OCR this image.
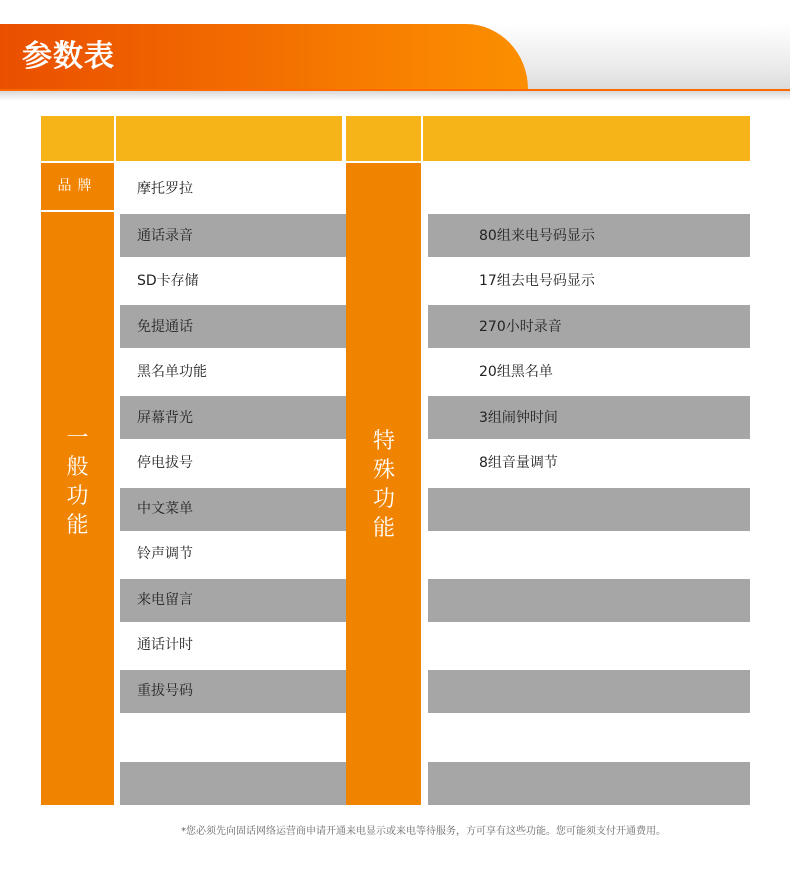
参数表
品牌
一
般
功
能
特
殊
功
能
摩托罗拉
通话录音
SD卡存储
免提通话
黑名单功能
屏幕背光
停电拔号
中文菜单
铃声调节
来电留言
通话计时
重拔号码
80组来电号码显示
17组去电号码显示
270小时录音
20组黑名单
3组闹钟时间
8组音量调节
*您必须先向固话网络运营商申请开通来电显示或来电等待服务，方可享有这些功能。您可能须支付开通费用。
